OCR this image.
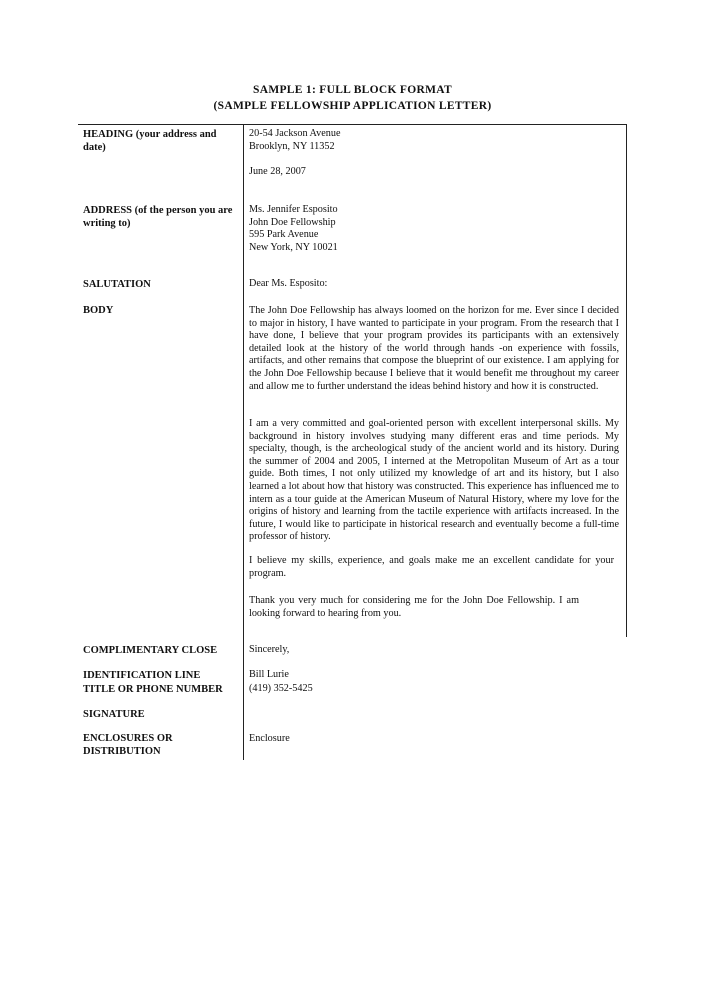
SAMPLE 1: FULL BLOCK FORMAT
(SAMPLE FELLOWSHIP APPLICATION LETTER)
HEADING (your address and date)
ADDRESS (of the person you are writing to)
SALUTATION
BODY
COMPLIMENTARY CLOSE
IDENTIFICATION LINE
TITLE OR PHONE NUMBER
SIGNATURE
ENCLOSURES OR DISTRIBUTION
20-54 Jackson Avenue
Brooklyn, NY 11352
June 28, 2007
Ms. Jennifer Esposito
John Doe Fellowship
595 Park Avenue
New York, NY 10021
Dear Ms. Esposito:
The John Doe Fellowship has always loomed on the horizon for me. Ever since I decided to major in history, I have wanted to participate in your program. From the research that I have done, I believe that your program provides its participants with an extensively detailed look at the history of the world through hands -on experience with fossils, artifacts, and other remains that compose the blueprint of our existence. I am applying for the John Doe Fellowship because I believe that it would benefit me throughout my career and allow me to further understand the ideas behind history and how it is constructed.
I am a very committed and goal-oriented person with excellent interpersonal skills. My background in history involves studying many different eras and time periods. My specialty, though, is the archeological study of the ancient world and its history. During the summer of 2004 and 2005, I interned at the Metropolitan Museum of Art as a tour guide. Both times, I not only utilized my knowledge of art and its history, but I also learned a lot about how that history was constructed. This experience has influenced me to intern as a tour guide at the American Museum of Natural History, where my love for the origins of history and learning from the tactile experience with artifacts increased. In the future, I would like to participate in historical research and eventually become a full-time professor of history.
I believe my skills, experience, and goals make me an excellent candidate for your program.
Thank you very much for considering me for the John Doe Fellowship. I am looking forward to hearing from you.
Sincerely,
Bill Lurie
(419) 352-5425
Enclosure
